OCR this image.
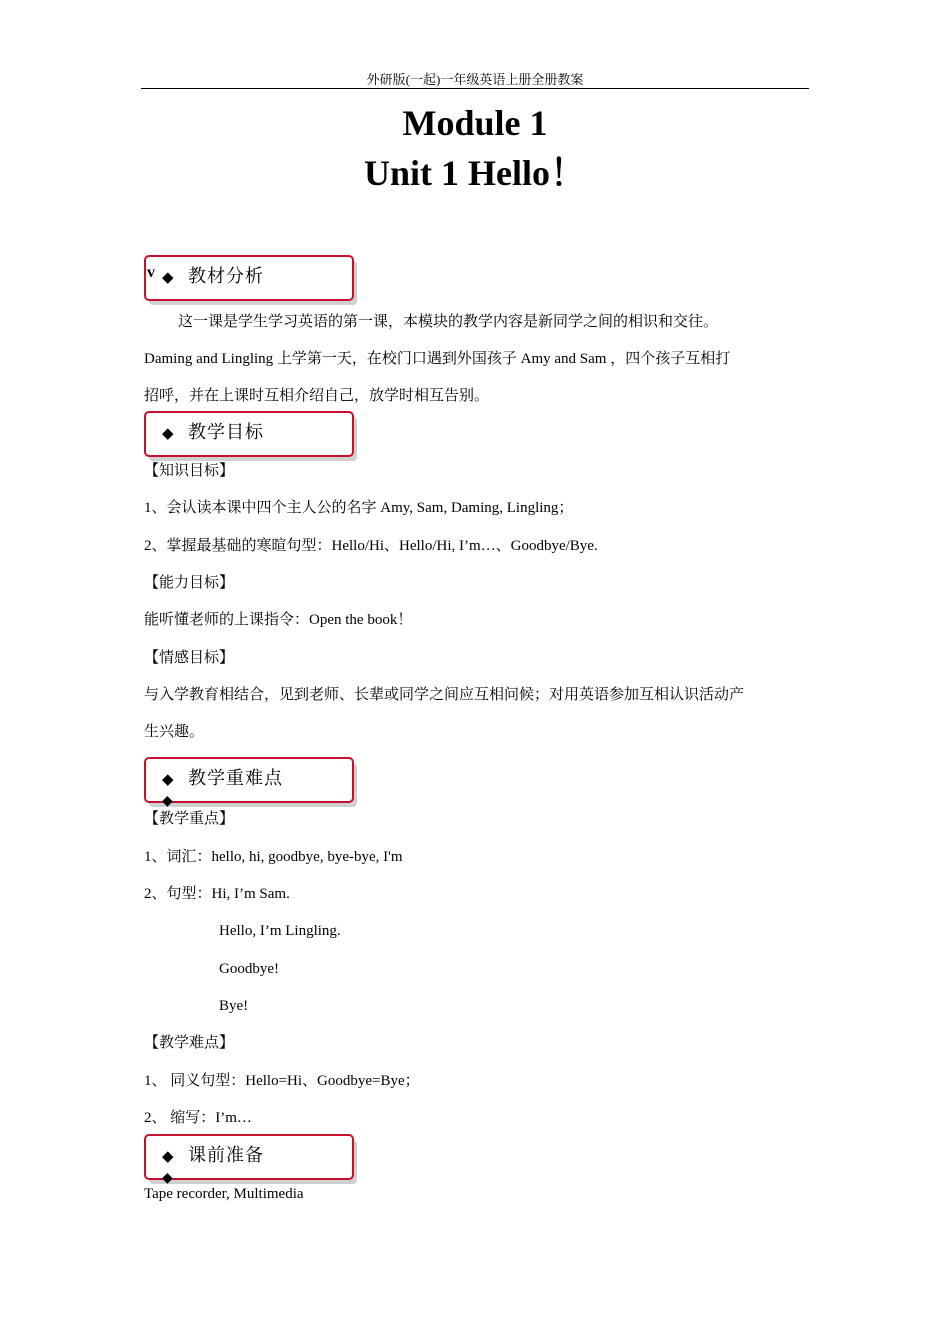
外研版(一起)一年级英语上册全册教案
Module 1
Unit 1 Hello！
v ◆ 教材分析
这一课是学生学习英语的第一课，本模块的教学内容是新同学之间的相识和交往。
Daming and Lingling 上学第一天，在校门口遇到外国孩子 Amy and Sam ，四个孩子互相打
招呼，并在上课时互相介绍自己，放学时相互告别。
◆ 教学目标
【知识目标】
1、会认读本课中四个主人公的名字 Amy, Sam, Daming, Lingling；
2、掌握最基础的寒暄句型：Hello/Hi、Hello/Hi, I’m…、Goodbye/Bye.
【能力目标】
能听懂老师的上课指令：Open the book！
【情感目标】
与入学教育相结合，见到老师、长辈或同学之间应互相问候；对用英语参加互相认识活动产
生兴趣。
◆ 教学重难点
◆
【教学重点】
1、词汇：hello, hi, goodbye, bye-bye, I'm
2、句型：Hi, I’m Sam.
Hello, I’m Lingling.
Goodbye!
Bye!
【教学难点】
1、 同义句型：Hello=Hi、Goodbye=Bye；
2、 缩写：I’m…
◆ 课前准备
◆
Tape recorder, Multimedia
